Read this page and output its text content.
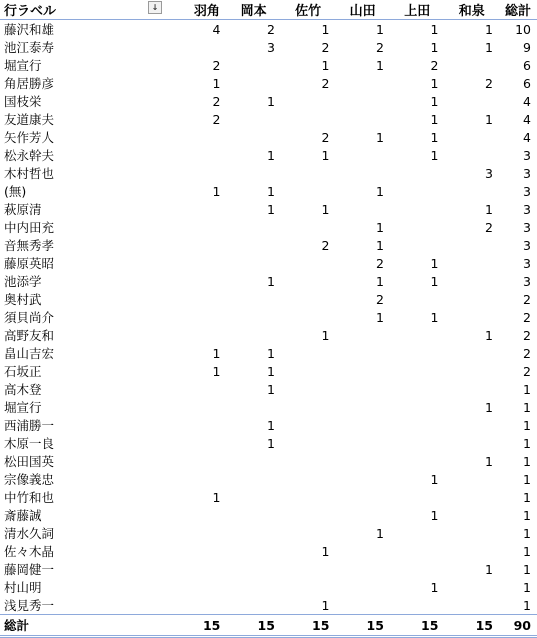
行ラベル ↓	羽角	岡本	佐竹	山田	上田	和泉	総計
藤沢和雄	4	2	1	1	1	1	10
池江泰寿		3	2	2	1	1	9
堀宣行	2		1	1	2		6
角居勝彦	1		2		1	2	6
国枝栄	2	1			1		4
友道康夫	2				1	1	4
矢作芳人			2	1	1		4
松永幹夫		1	1		1		3
木村哲也						3	3
(無)	1	1		1			3
萩原清		1	1			1	3
中内田充				1		2	3
音無秀孝			2	1			3
藤原英昭				2	1		3
池添学		1		1	1		3
奥村武				2			2
須貝尚介				1	1		2
高野友和			1			1	2
畠山吉宏	1	1					2
石坂正	1	1					2
高木登		1					1
堀宣行						1	1
西浦勝一		1					1
木原一良		1					1
松田国英						1	1
宗像義忠					1		1
中竹和也	1						1
斎藤誠					1		1
清水久詞				1			1
佐々木晶			1				1
藤岡健一						1	1
村山明					1		1
浅見秀一			1				1
総計	15	15	15	15	15	15	90
